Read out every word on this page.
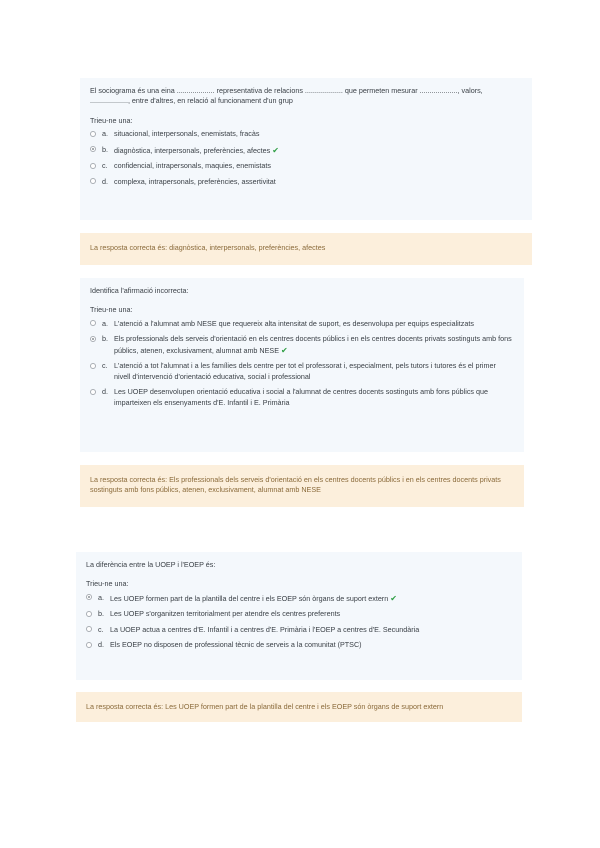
El sociograma és una eina ................... representativa de relacions ................... que permeten mesurar ..................., valors, ..................., entre d'altres, en relació al funcionament d'un grup
Trieu-ne una:
a. situacional, interpersonals, enemistats, fracàs
b. diagnòstica, interpersonals, preferències, afectes ✔
c. confidencial, intrapersonals, maquies, enemistats
d. complexa, intrapersonals, preferències, assertivitat
La resposta correcta és: diagnòstica, interpersonals, preferències, afectes
Identifica l'afirmació incorrecta:
Trieu-ne una:
a. L'atenció a l'alumnat amb NESE que requereix alta intensitat de suport, es desenvolupa per equips especialitzats
b. Els professionals dels serveis d'orientació en els centres docents públics i en els centres docents privats sostinguts amb fons públics, atenen, exclusivament, alumnat amb NESE ✔
c. L'atenció a tot l'alumnat i a les famílies dels centre per tot el professorat i, especialment, pels tutors i tutores és el primer nivell d'intervenció d'orientació educativa, social i professional
d. Les UOEP desenvolupen orientació educativa i social a l'alumnat de centres docents sostinguts amb fons públics que imparteixen els ensenyaments d'E. Infantil i E. Primària
La resposta correcta és: Els professionals dels serveis d'orientació en els centres docents públics i en els centres docents privats sostinguts amb fons públics, atenen, exclusivament, alumnat amb NESE
La diferència entre la UOEP i l'EOEP és:
Trieu-ne una:
a. Les UOEP formen part de la plantilla del centre i els EOEP són òrgans de suport extern ✔
b. Les UOEP s'organitzen territorialment per atendre els centres preferents
c. La UOEP actua a centres d'E. Infantil i a centres d'E. Primària i l'EOEP a centres d'E. Secundària
d. Els EOEP no disposen de professional tècnic de serveis a la comunitat (PTSC)
La resposta correcta és: Les UOEP formen part de la plantilla del centre i els EOEP són òrgans de suport extern
